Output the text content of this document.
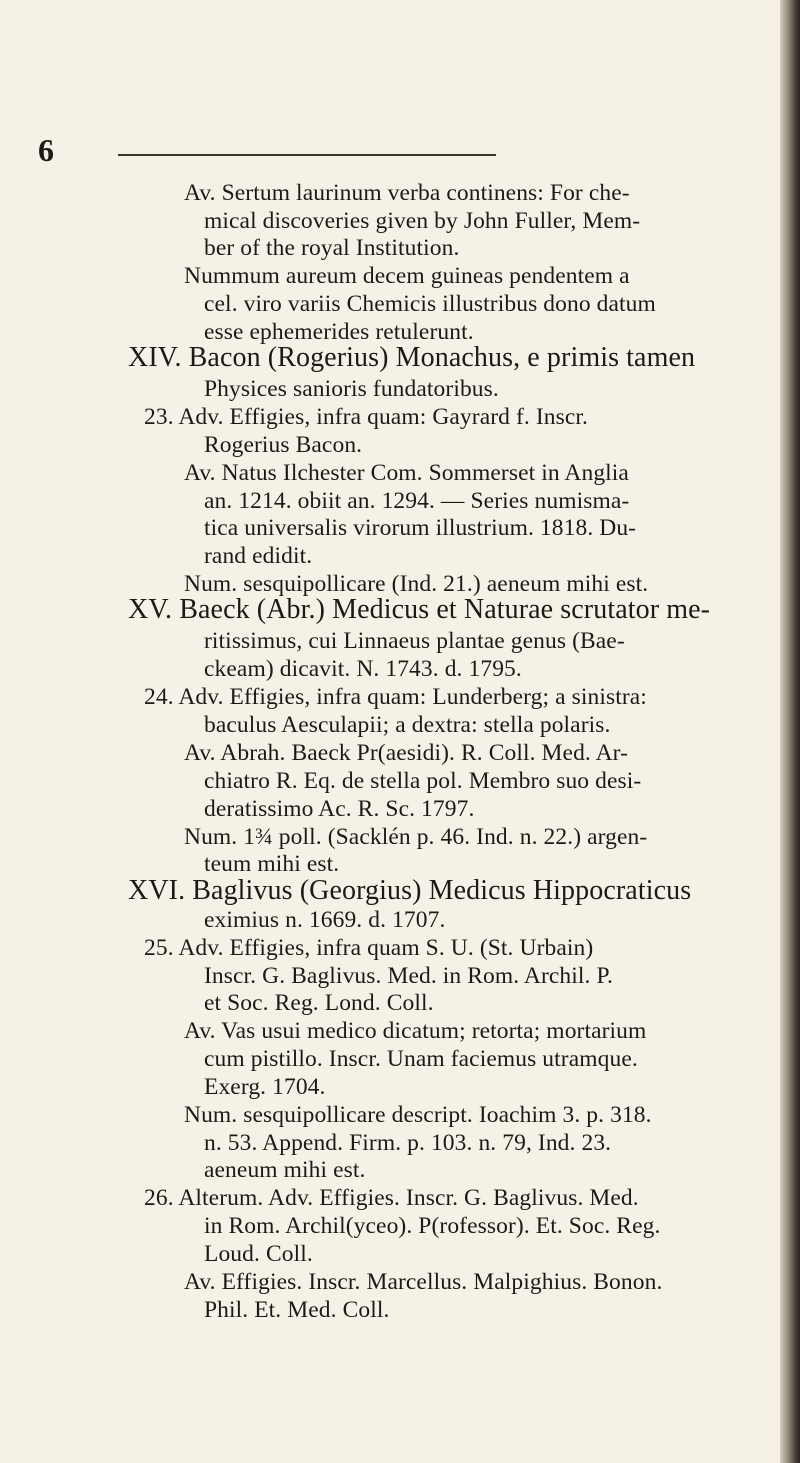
6
Av. Sertum laurinum verba continens: For che-
mical discoveries given by John Fuller, Mem-
ber of the royal Institution.
Nummum aureum decem guineas pendentem a
cel. viro variis Chemicis illustribus dono datum
esse ephemerides retulerunt.
XIV. Bacon (Rogerius) Monachus, e primis tamen
Physices sanioris fundatoribus.
23. Adv. Effigies, infra quam: Gayrard f. Inscr.
Rogerius Bacon.
Av. Natus Ilchester Com. Sommerset in Anglia
an. 1214. obiit an. 1294. — Series numisma-
tica universalis virorum illustrium. 1818. Du-
rand edidit.
Num. sesquipollicare (Ind. 21.) aeneum mihi est.
XV. Baeck (Abr.) Medicus et Naturae scrutator me-
ritissimus, cui Linnaeus plantae genus (Bae-
ckeam) dicavit. N. 1743. d. 1795.
24. Adv. Effigies, infra quam: Lunderberg; a sinistra:
baculus Aesculapii; a dextra: stella polaris.
Av. Abrah. Baeck Pr(aesidi). R. Coll. Med. Ar-
chiatro R. Eq. de stella pol. Membro suo desi-
deratissimo Ac. R. Sc. 1797.
Num. 1¾ poll. (Sacklén p. 46. Ind. n. 22.) argen-
teum mihi est.
XVI. Baglivus (Georgius) Medicus Hippocraticus
eximius n. 1669. d. 1707.
25. Adv. Effigies, infra quam S. U. (St. Urbain)
Inscr. G. Baglivus. Med. in Rom. Archil. P.
et Soc. Reg. Lond. Coll.
Av. Vas usui medico dicatum; retorta; mortarium
cum pistillo. Inscr. Unam faciemus utramque.
Exerg. 1704.
Num. sesquipollicare descript. Ioachim 3. p. 318.
n. 53. Append. Firm. p. 103. n. 79, Ind. 23.
aeneum mihi est.
26. Alterum. Adv. Effigies. Inscr. G. Baglivus. Med.
in Rom. Archil(yceo). P(rofessor). Et. Soc. Reg.
Loud. Coll.
Av. Effigies. Inscr. Marcellus. Malpighius. Bonon.
Phil. Et. Med. Coll.
